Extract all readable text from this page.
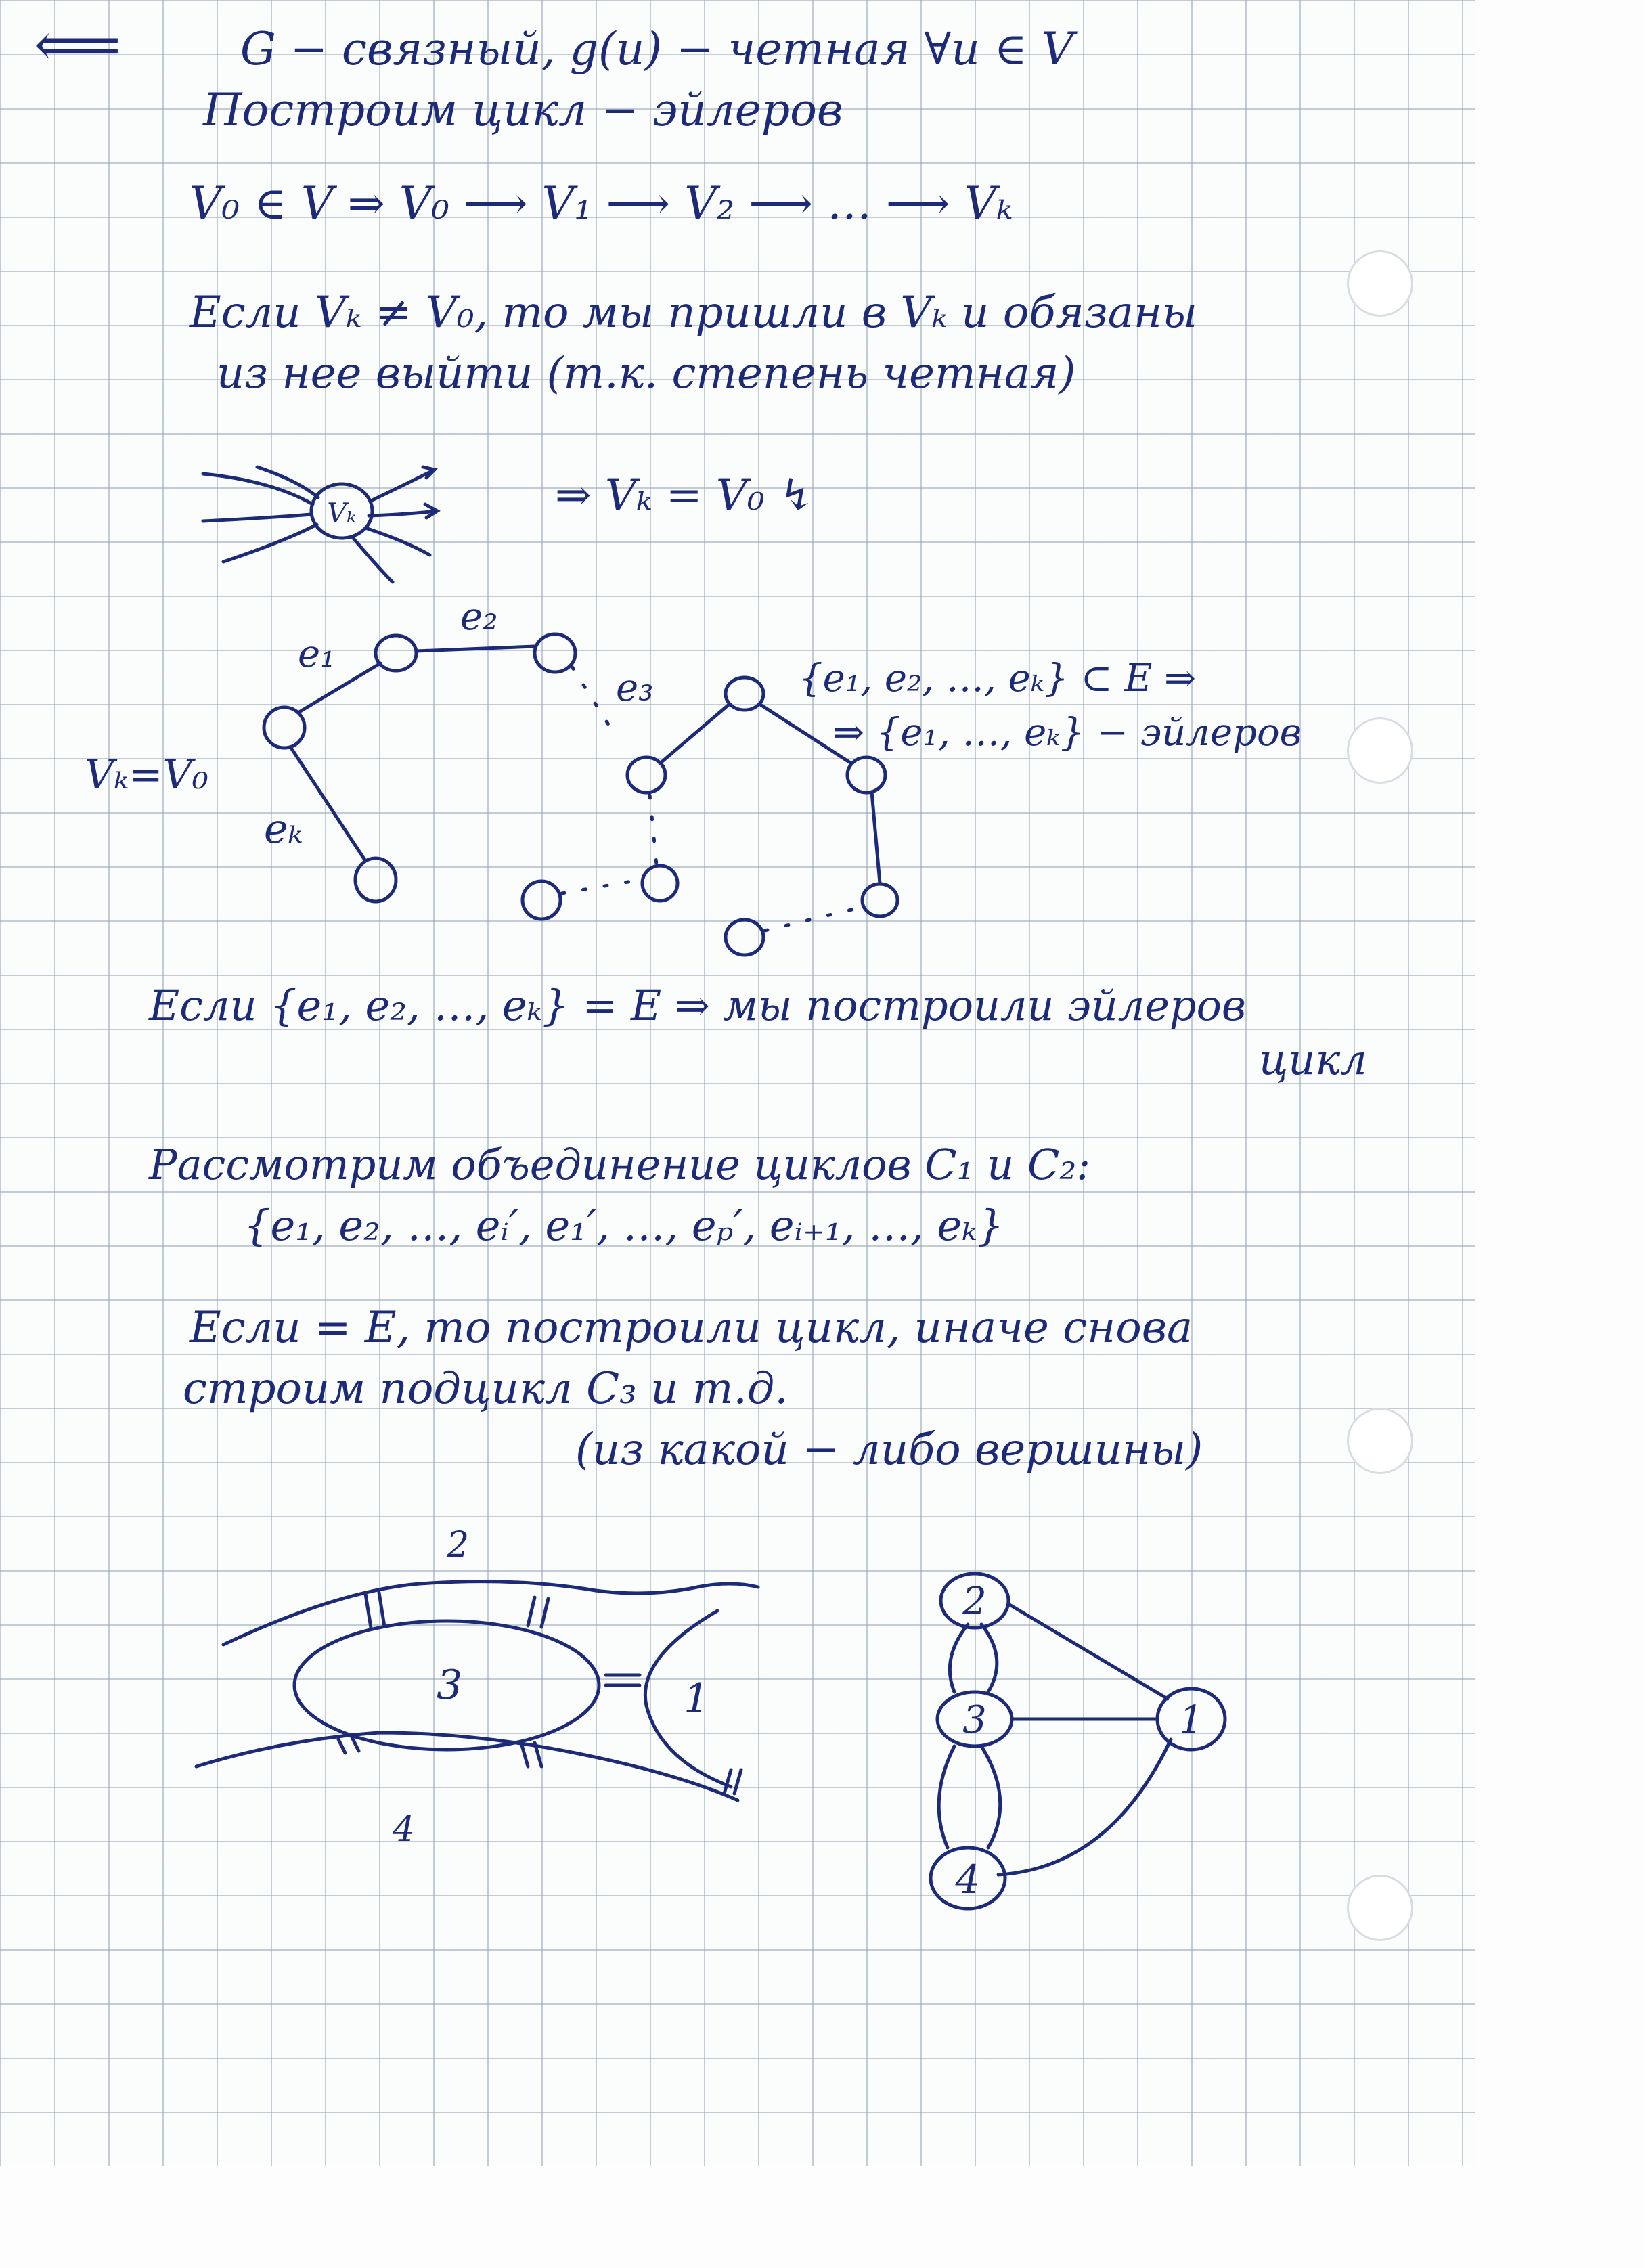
⟸	G − связный, g(u) − четная ∀u ∈ V
Построим цикл − эйлеров
V₀ ∈ V ⇒ V₀ ⟶ V₁ ⟶ V₂ ⟶ … ⟶ Vₖ
Если Vₖ ≠ V₀, то мы пришли в Vₖ и обязаны
из нее выйти (т.к. степень четная)
⇒ Vₖ = V₀ ↯
{e₁, e₂, …, eₖ} ⊂ E ⇒
⇒ {e₁, …, eₖ} − эйлеров
Если {e₁, e₂, …, eₖ} = E ⇒ мы построили эйлеров
цикл
Рассмотрим объединение циклов C₁ и C₂:
{e₁, e₂, …, eᵢ′, e₁′, …, eₚ′, eᵢ₊₁, …, eₖ}
Если = E, то построили цикл, иначе снова
строим подцикл C₃ и т.д.
(из какой − либо вершины)
Vₖ
e₁
e₂
e₃
eₖ
Vₖ=V₀
2
3	1
4
2
3	1
4
